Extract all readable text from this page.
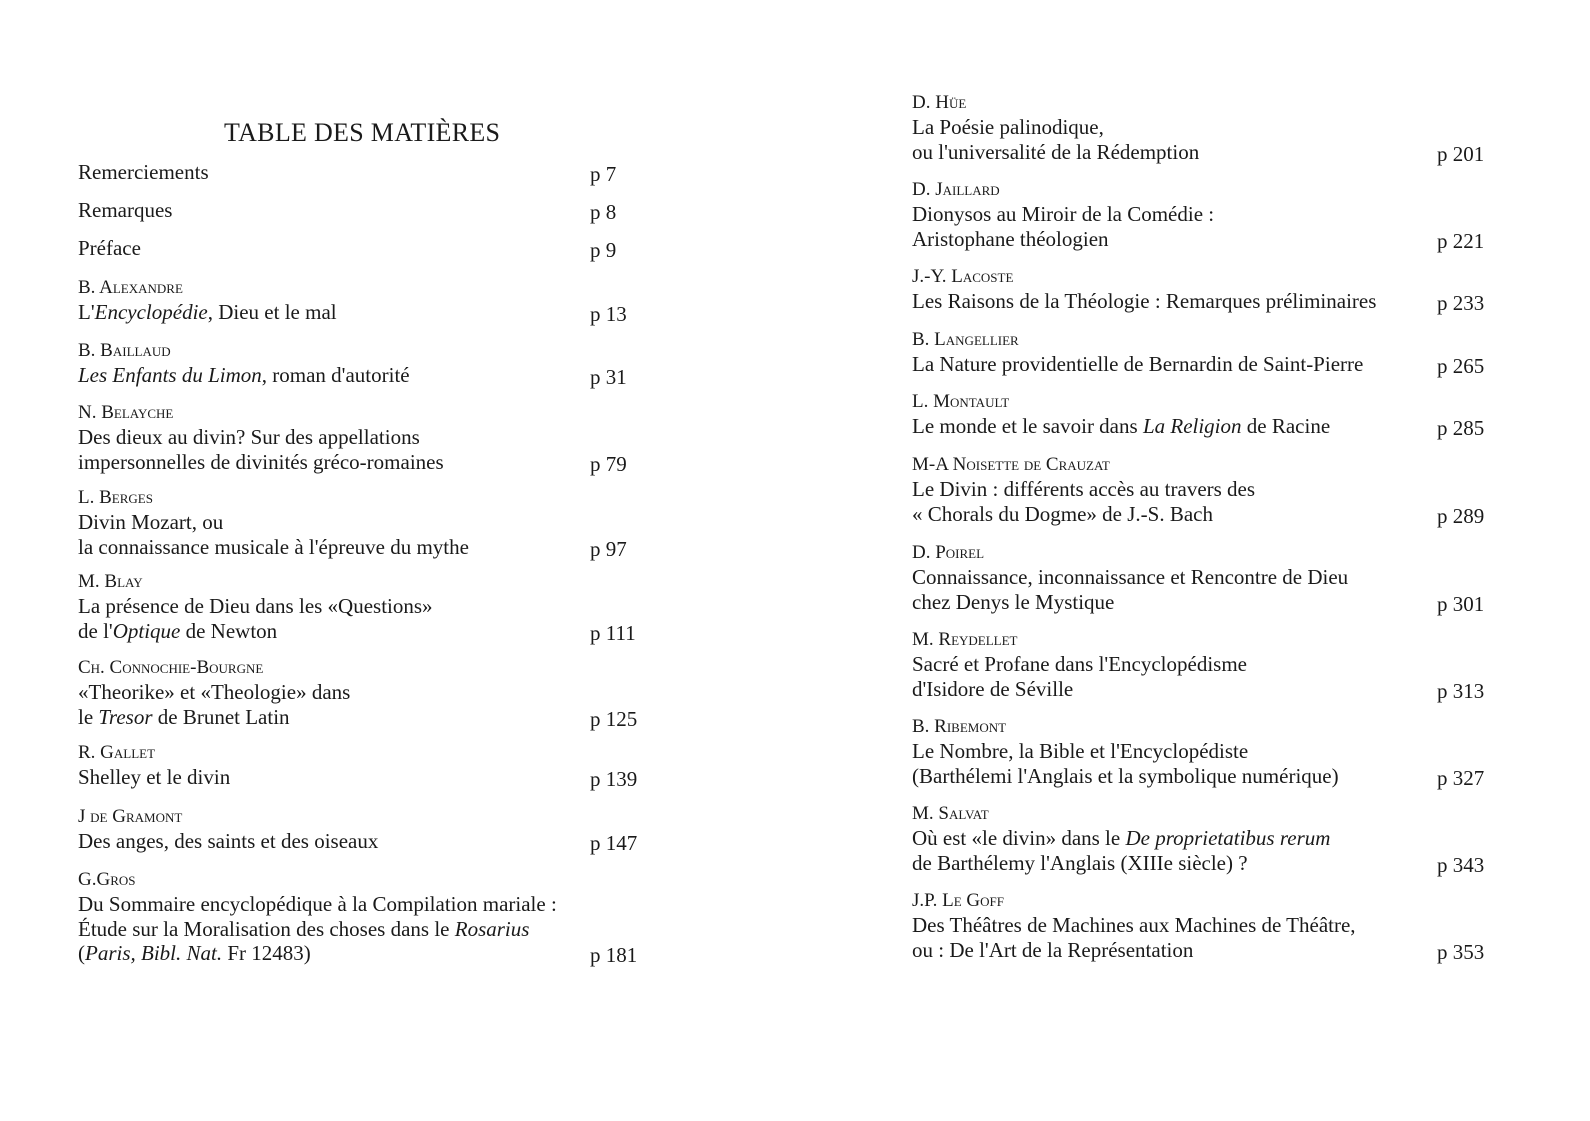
TABLE DES MATIÈRES
Remerciements	p 7
Remarques	p 8
Préface	p 9
B. Alexandre
L'Encyclopédie, Dieu et le mal	p 13
B. Baillaud
Les Enfants du Limon, roman d'autorité	p 31
N. Belayche
Des dieux au divin? Sur des appellations
impersonnelles de divinités gréco-romaines	p 79
L. Berges
Divin Mozart, ou
la connaissance musicale à l'épreuve du mythe	p 97
M. Blay
La présence de Dieu dans les «Questions»
de l'Optique de Newton	p 111
Ch. Connochie-Bourgne
«Theorike» et «Theologie» dans
le Tresor de Brunet Latin	p 125
R. Gallet
Shelley et le divin	p 139
J de Gramont
Des anges, des saints et des oiseaux	p 147
G.Gros
Du Sommaire encyclopédique à la Compilation mariale :
Étude sur la Moralisation des choses dans le Rosarius
(Paris, Bibl. Nat. Fr 12483)	p 181
D. Hüe
La Poésie palinodique,
ou l'universalité de la Rédemption	p 201
D. Jaillard
Dionysos au Miroir de la Comédie :
Aristophane théologien	p 221
J.-Y. Lacoste
Les Raisons de la Théologie : Remarques préliminaires	p 233
B. Langellier
La Nature providentielle de Bernardin de Saint-Pierre	p 265
L. Montault
Le monde et le savoir dans La Religion de Racine	p 285
M-A Noisette de Crauzat
Le Divin : différents accès au travers des
« Chorals du Dogme» de J.-S. Bach	p 289
D. Poirel
Connaissance, inconnaissance et Rencontre de Dieu
chez Denys le Mystique	p 301
M. Reydellet
Sacré et Profane dans l'Encyclopédisme
d'Isidore de Séville	p 313
B. Ribemont
Le Nombre, la Bible et l'Encyclopédiste
(Barthélemi l'Anglais et la symbolique numérique)	p 327
M. Salvat
Où est «le divin» dans le De proprietatibus rerum
de Barthélemy l'Anglais (XIIIe siècle) ?	p 343
J.P. Le Goff
Des Théâtres de Machines aux Machines de Théâtre,
ou : De l'Art de la Représentation	p 353
